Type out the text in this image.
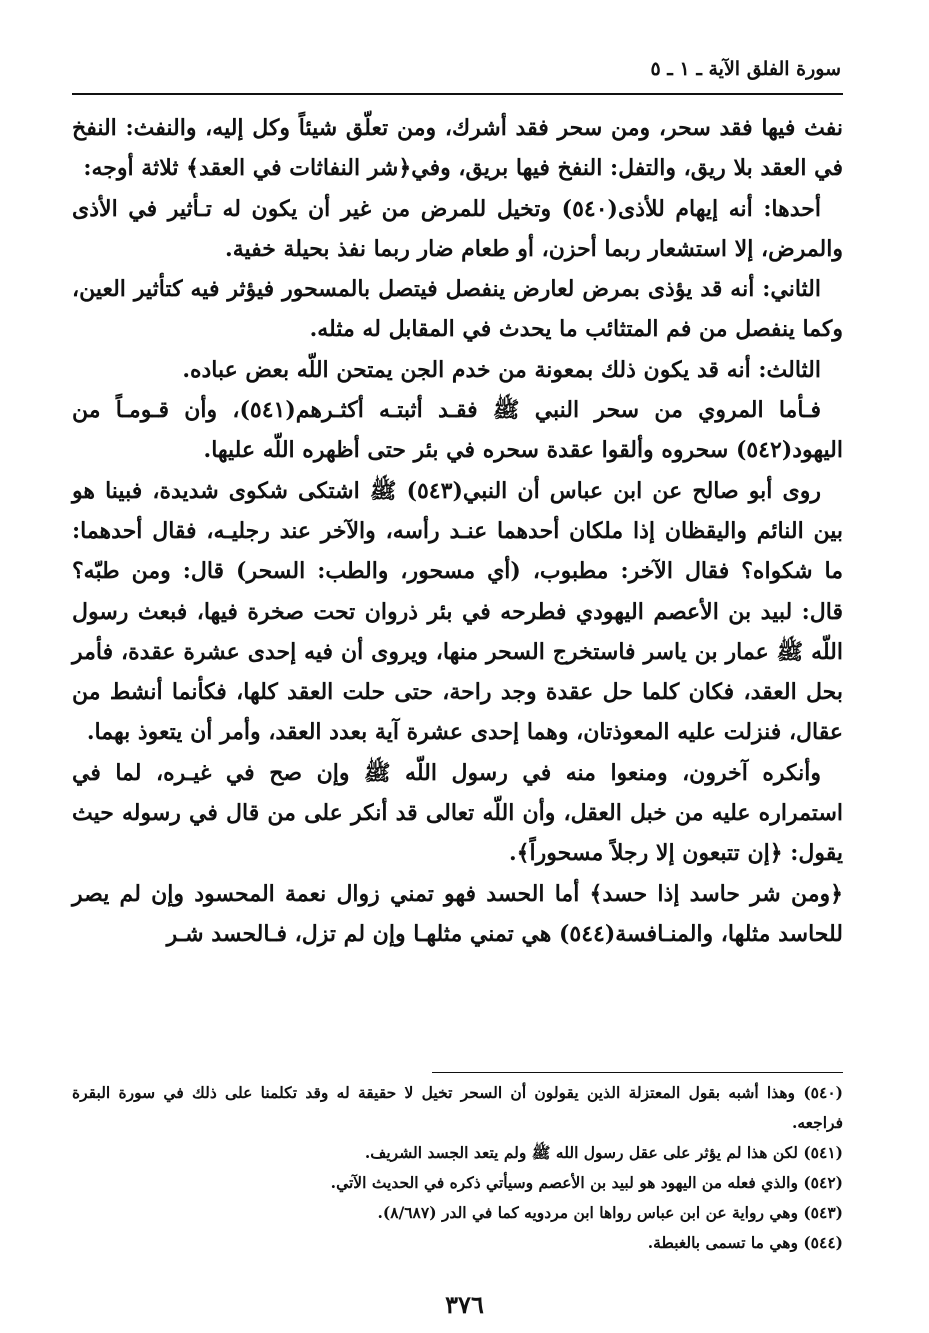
سورة الفلق الآية ـ ١ ـ ٥

نفث فيها فقد سحر، ومن سحر فقد أشرك، ومن تعلّق شيئاً وكل إليه، والنفث: النفخ في العقد بلا ريق، والتفل: النفخ فيها بريق، وفي﴿شر النفاثات في العقد﴾ ثلاثة أوجه:

أحدها: أنه إيهام للأذى(٥٤٠) وتخيل للمرض من غير أن يكون له تـأثير في الأذى والمرض، إلا استشعار ربما أحزن، أو طعام ضار ربما نفذ بحيلة خفية.

الثاني: أنه قد يؤذى بمرض لعارض ينفصل فيتصل بالمسحور فيؤثر فيه كتأثير العين، وكما ينفصل من فم المتثائب ما يحدث في المقابل له مثله.

الثالث: أنه قد يكون ذلك بمعونة من خدم الجن يمتحن اللّه بعض عباده.

فـأما المروي من سحر النبي ﷺ فقـد أثبتـه أكثـرهم(٥٤١)، وأن قـومـاً من اليهود(٥٤٢) سحروه وألقوا عقدة سحره في بئر حتى أظهره اللّه عليها.

روى أبو صالح عن ابن عباس أن النبي(٥٤٣) ﷺ اشتكى شكوى شديدة، فبينا هو بين النائم واليقظان إذا ملكان أحدهما عنـد رأسه، والآخر عند رجليـه، فقال أحدهما: ما شكواه؟ فقال الآخر: مطبوب، (أي مسحور، والطب: السحر) قال: ومن طبّه؟ قال: لبيد بن الأعصم اليهودي فطرحه في بئر ذروان تحت صخرة فيها، فبعث رسول اللّه ﷺ عمار بن ياسر فاستخرج السحر منها، ويروى أن فيه إحدى عشرة عقدة، فأمر بحل العقد، فكان كلما حل عقدة وجد راحة، حتى حلت العقد كلها، فكأنما أنشط من عقال، فنزلت عليه المعوذتان، وهما إحدى عشرة آية بعدد العقد، وأمر أن يتعوذ بهما.

وأنكره آخرون، ومنعوا منه في رسول اللّه ﷺ وإن صح في غيـره، لما في استمراره عليه من خبل العقل، وأن اللّه تعالى قد أنكر على من قال في رسوله حيث يقول: ﴿إن تتبعون إلا رجلاً مسحوراً﴾.

﴿ومن شر حاسد إذا حسد﴾ أما الحسد فهو تمني زوال نعمة المحسود وإن لم يصر للحاسد مثلها، والمنـافسة(٥٤٤) هي تمني مثلهـا وإن لم تزل، فـالحسد شـر

(٥٤٠) وهذا أشبه بقول المعتزلة الذين يقولون أن السحر تخيل لا حقيقة له وقد تكلمنا على ذلك في سورة البقرة فراجعه.

(٥٤١) لكن هذا لم يؤثر على عقل رسول الله ﷺ ولم يتعد الجسد الشريف.

(٥٤٢) والذي فعله من اليهود هو لبيد بن الأعصم وسيأتي ذكره في الحديث الآتي.

(٥٤٣) وهي رواية عن ابن عباس رواها ابن مردويه كما في الدر (٨/٦٨٧).

(٥٤٤) وهي ما تسمى بالغبطة.

٣٧٦
